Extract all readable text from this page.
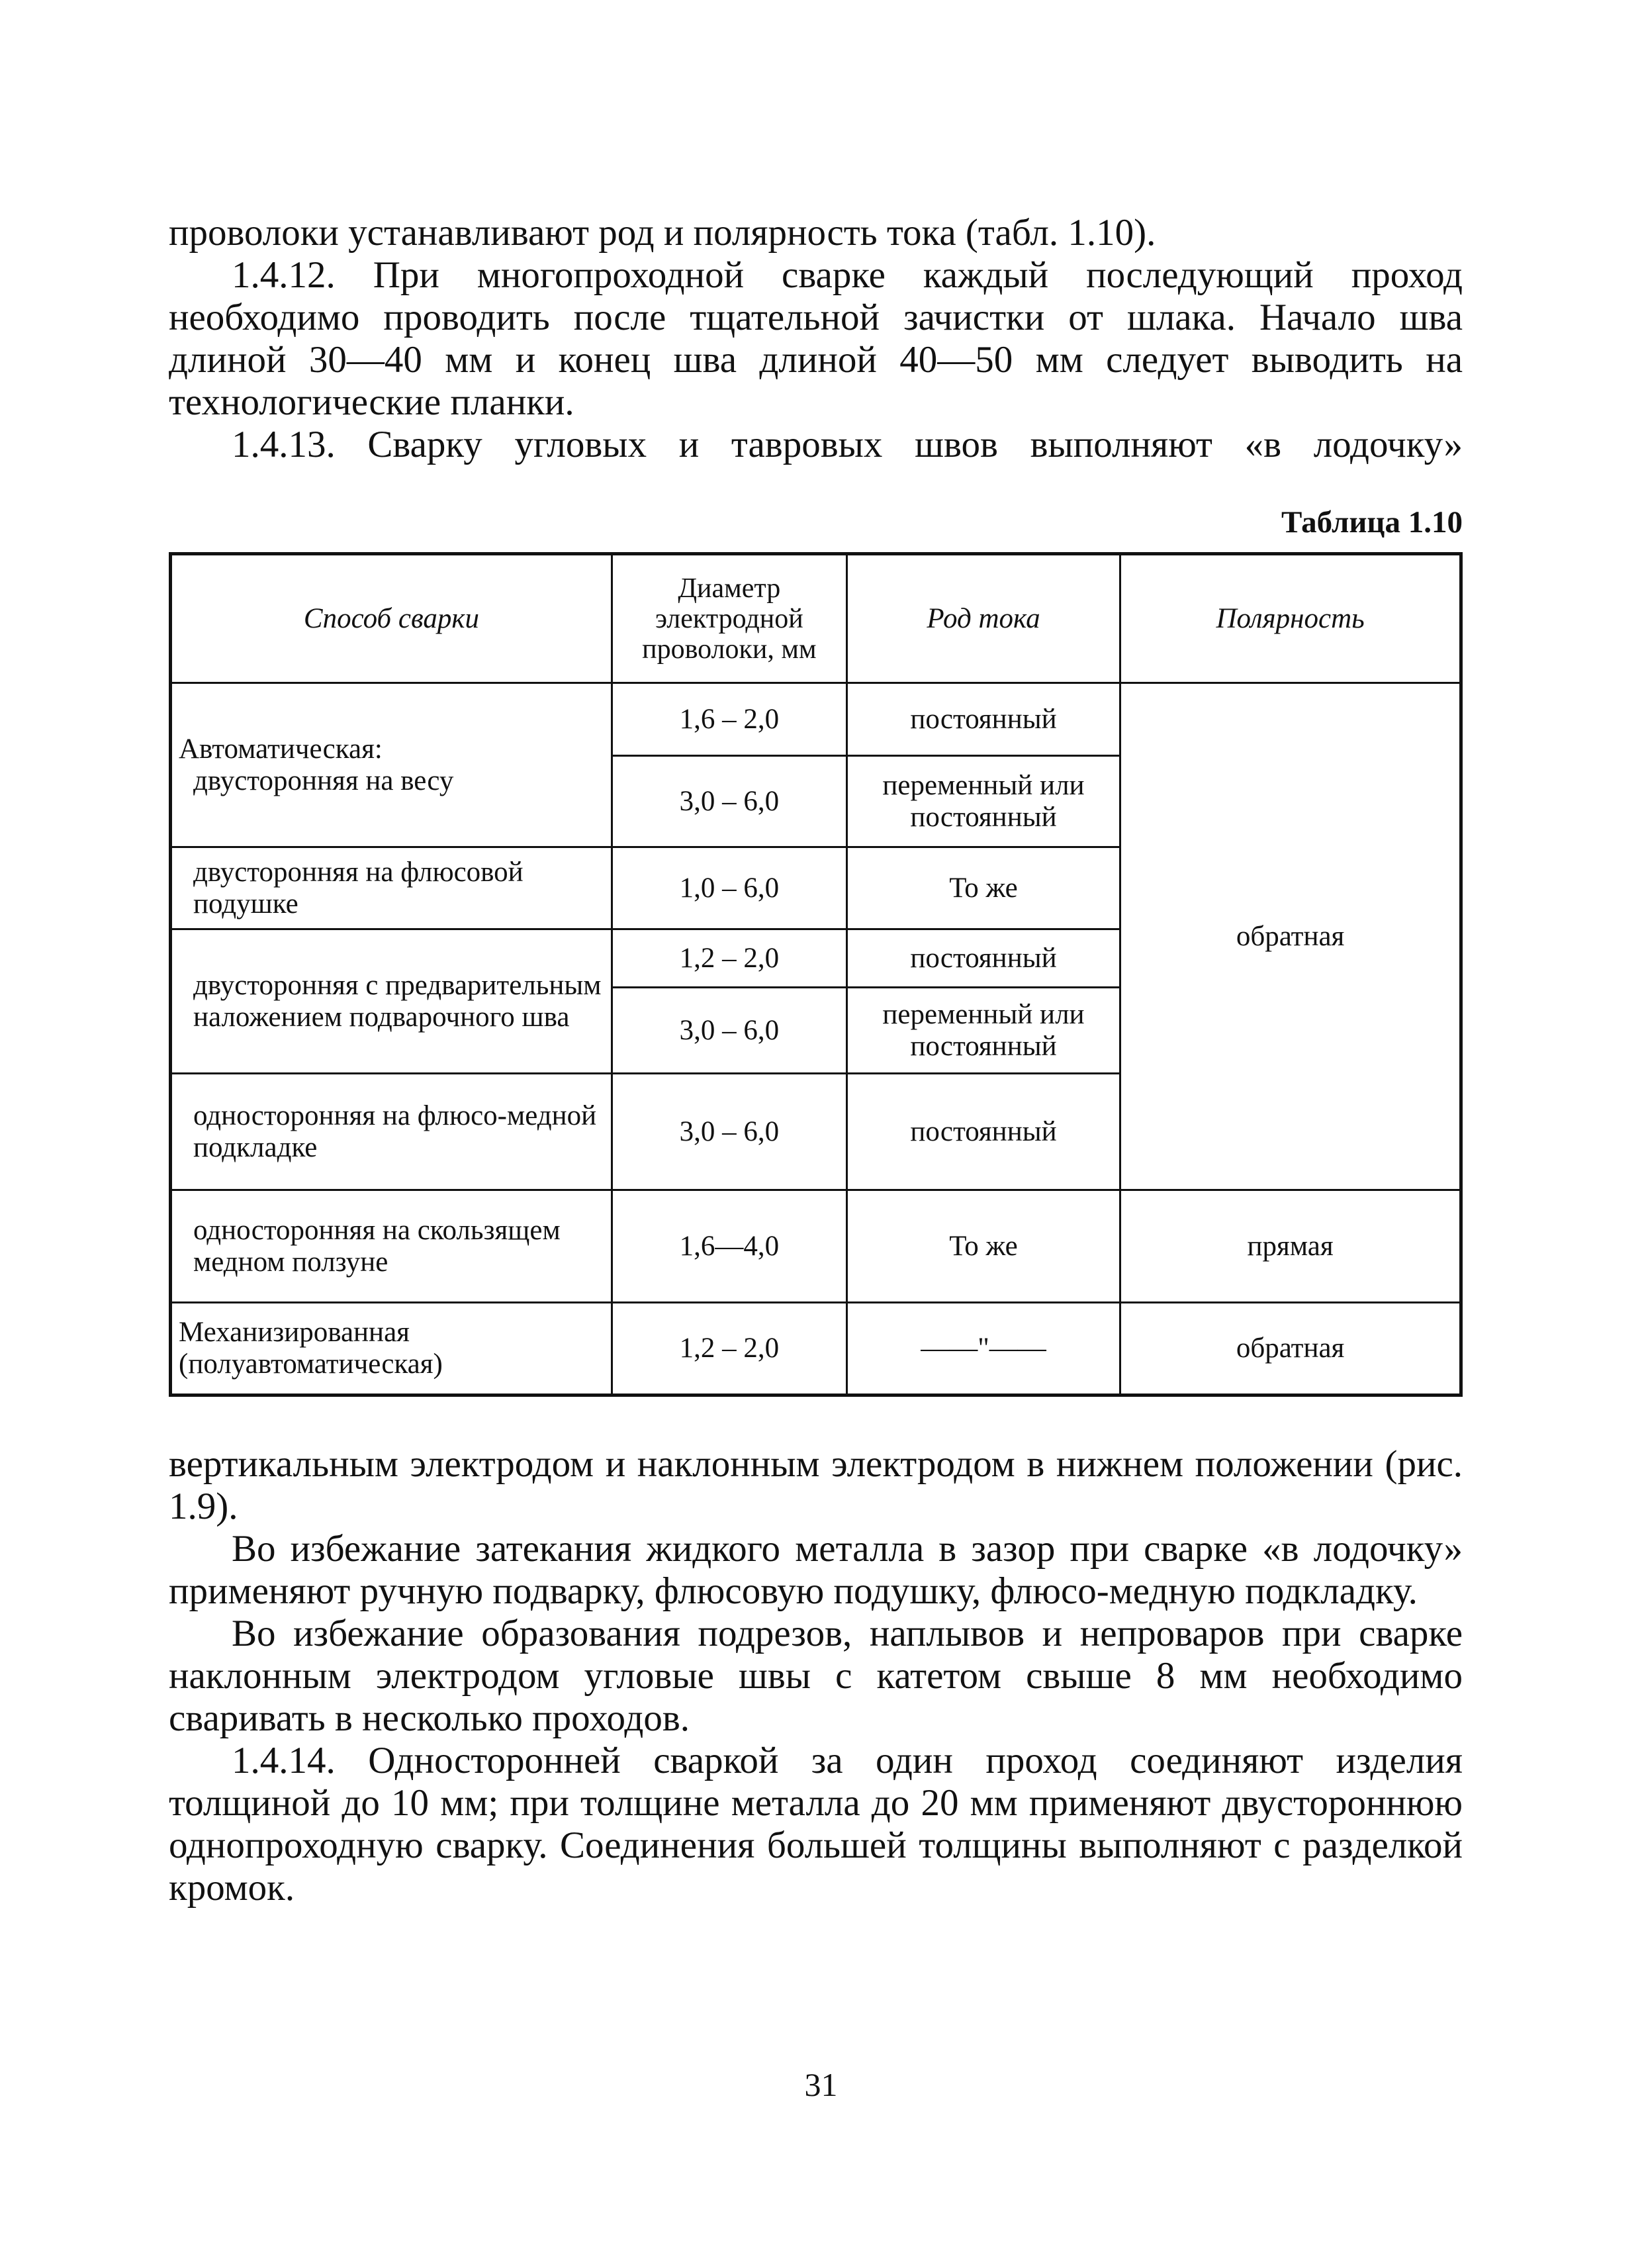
проволоки устанавливают род и полярность тока (табл. 1.10).

1.4.12. При многопроходной сварке каждый последующий проход необходимо проводить после тщательной зачистки от шлака. Начало шва длиной 30—40 мм и конец шва длиной 40—50 мм следует выводить на технологические планки.

1.4.13. Сварку угловых и тавровых швов выполняют «в лодочку»

Таблица 1.10
Способ сварки	Диаметр электродной проволоки, мм	Род тока	Полярность
Автоматическая:
двусторонняя на весу	1,6 – 2,0	постоянный	обратная
	3,0 – 6,0	переменный или постоянный	

двусторонняя на флюсовой подушке	1,0 – 6,0	То же	

двусторонняя с предварительным наложением подварочного шва	1,2 – 2,0	постоянный	
	3,0 – 6,0	переменный или постоянный	

односторонняя на флюсо-медной подкладке	3,0 – 6,0	постоянный	

односторонняя на скользящем медном ползуне	1,6—4,0	То же	прямая
Механизированная (полуавтоматическая)	1,2 – 2,0	——"——	обратная

вертикальным электродом и наклонным электродом в нижнем положении (рис. 1.9).

Во избежание затекания жидкого металла в зазор при сварке «в лодочку» применяют ручную подварку, флюсовую подушку, флюсо-медную подкладку.

Во избежание образования подрезов, наплывов и непроваров при сварке наклонным электродом угловые швы с катетом свыше 8 мм необходимо сваривать в несколько проходов.

1.4.14. Односторонней сваркой за один проход соединяют изделия толщиной до 10 мм; при толщине металла до 20 мм применяют двустороннюю однопроходную сварку. Соединения большей толщины выполняют с разделкой кромок.

31
